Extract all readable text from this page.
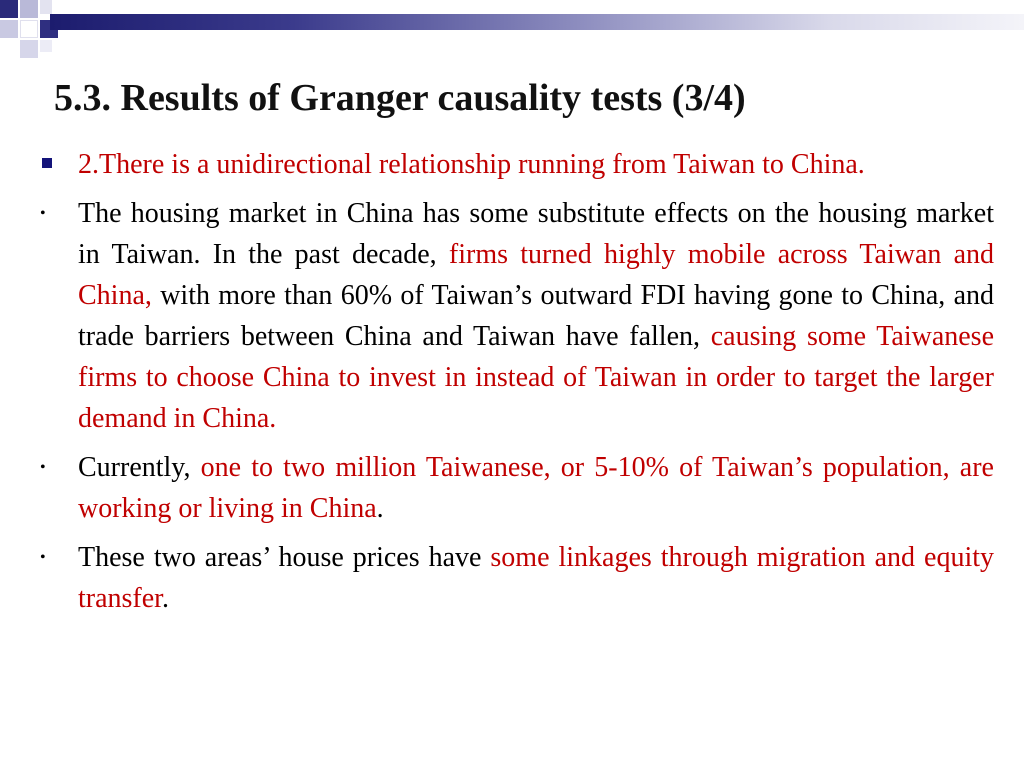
5.3. Results of Granger causality tests (3/4)
2.There is a unidirectional relationship running from Taiwan to China.
• The housing market in China has some substitute effects on the housing market in Taiwan. In the past decade, firms turned highly mobile across Taiwan and China, with more than 60% of Taiwan’s outward FDI having gone to China, and trade barriers between China and Taiwan have fallen, causing some Taiwanese firms to choose China to invest in instead of Taiwan in order to target the larger demand in China.
• Currently, one to two million Taiwanese, or 5-10% of Taiwan’s population, are working or living in China.
• These two areas’ house prices have some linkages through migration and equity transfer.
